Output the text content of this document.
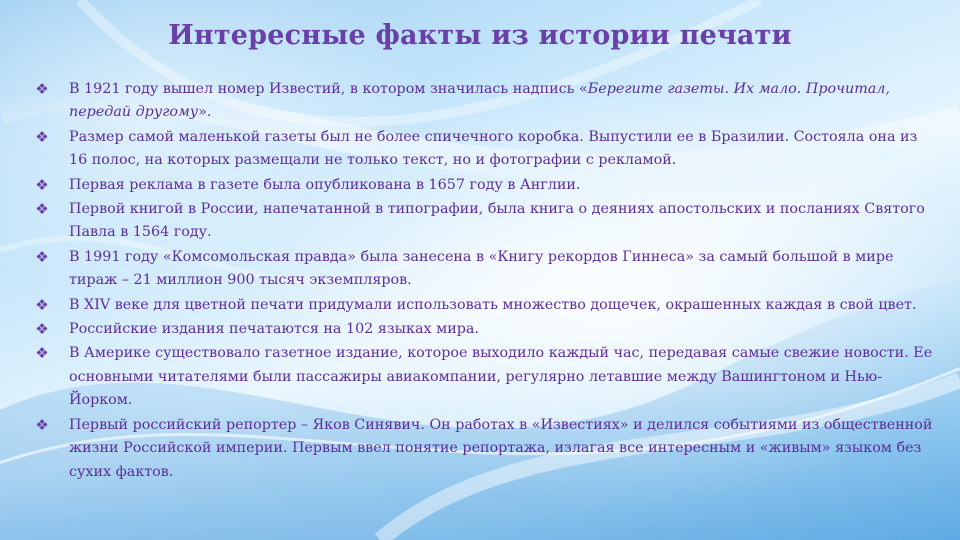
Интересные факты из истории печати
❖ В 1921 году вышел номер Известий, в котором значилась надпись «Берегите газеты. Их мало. Прочитал, передай другому».
❖ Размер самой маленькой газеты был не более спичечного коробка. Выпустили ее в Бразилии. Состояла она из 16 полос, на которых размещали не только текст, но и фотографии с рекламой.
❖ Первая реклама в газете была опубликована в 1657 году в Англии.
❖ Первой книгой в России, напечатанной в типографии, была книга о деяниях апостольских и посланиях Святого Павла в 1564 году.
❖ В 1991 году «Комсомольская правда» была занесена в «Книгу рекордов Гиннеса» за самый большой в мире тираж – 21 миллион 900 тысяч экземпляров.
❖ В XIV веке для цветной печати придумали использовать множество дощечек, окрашенных каждая в свой цвет.
❖ Российские издания печатаются на 102 языках мира.
❖ В Америке существовало газетное издание, которое выходило каждый час, передавая самые свежие новости. Ее основными читателями были пассажиры авиакомпании, регулярно летавшие между Вашингтоном и Нью-Йорком.
❖ Первый российский репортер – Яков Синявич. Он работах в «Известиях» и делился событиями из общественной жизни Российской империи. Первым ввел понятие репортажа, излагая все интересным и «живым» языком без сухих фактов.
